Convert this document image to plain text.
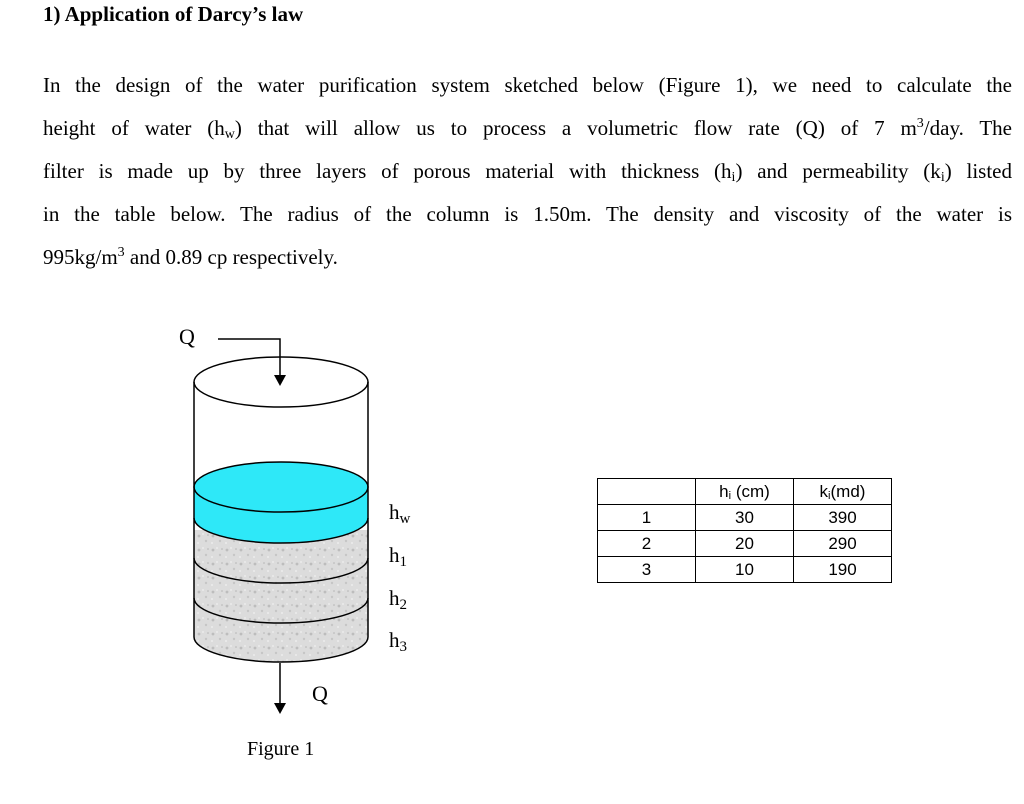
1) Application of Darcy’s law
In the design of the water purification system sketched below (Figure 1), we need to calculate the
height of water $(h_w)$ that will allow us to process a volumetric flow rate (Q) of 7 $m^3$/day. The
filter is made up by three layers of porous material with thickness $(h_i)$ and permeability $(k_i)$ listed
in the table below. The radius of the column is 1.50m. The density and viscosity of the water is
$995kg/m^3$ and 0.89 cp respectively.
Q
Q
$h_w$
$h_1$
$h_2$
$h_3$
Figure 1
	$h_i$ (cm)	$k_i(md)$
1	30	390
2	20	290
3	10	190
